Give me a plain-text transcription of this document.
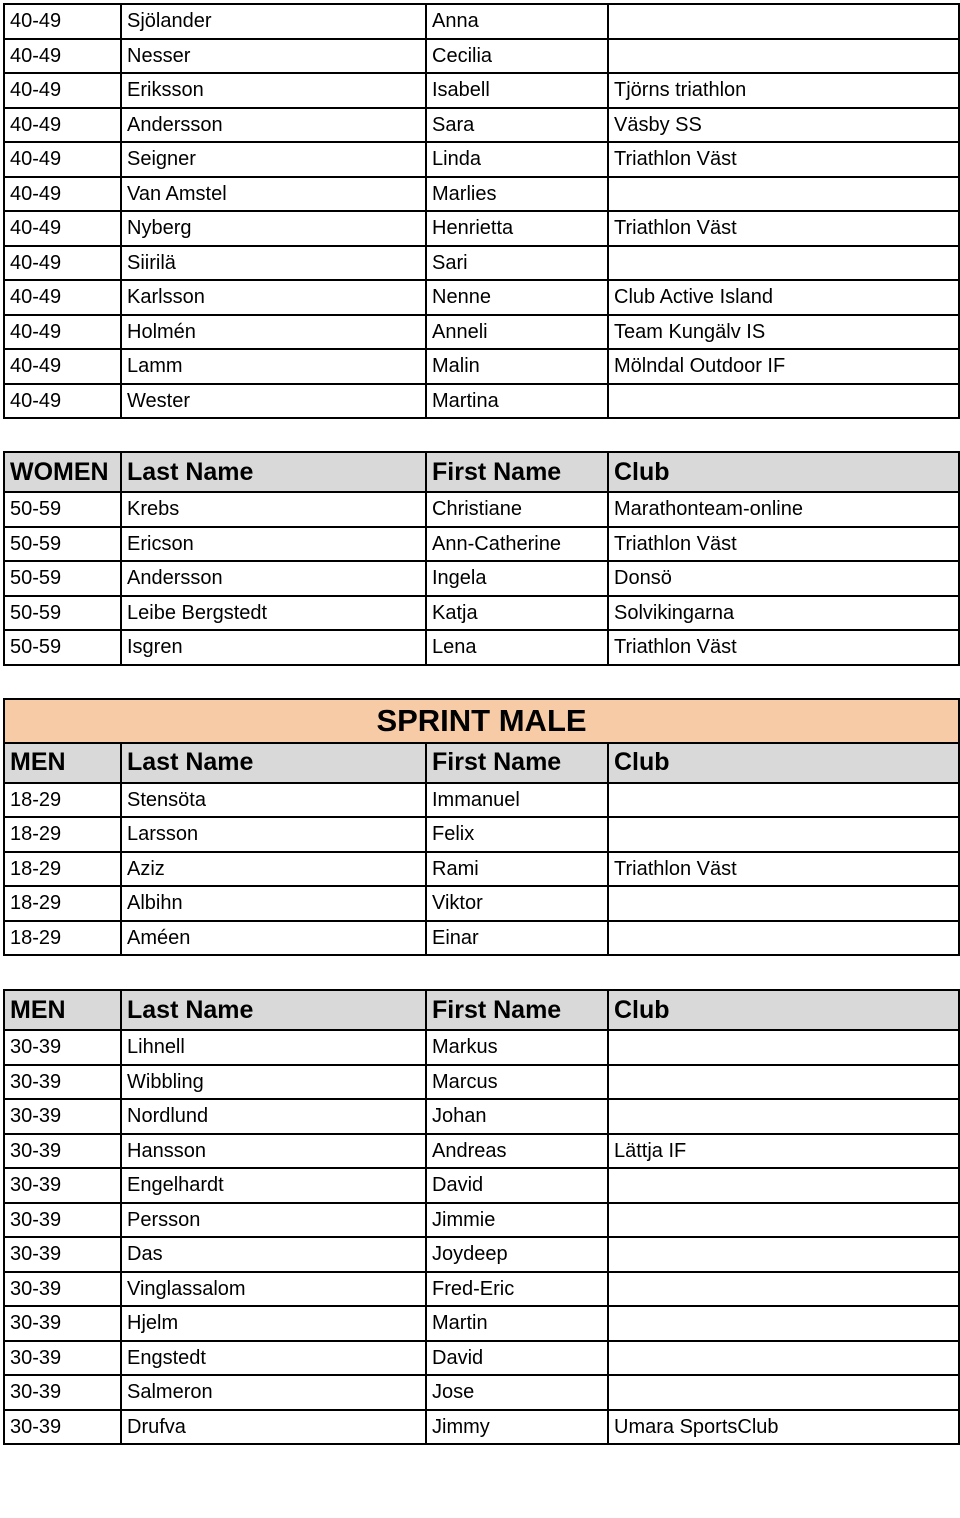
40-49	Sjölander	Anna	
40-49	Nesser	Cecilia	
40-49	Eriksson	Isabell	Tjörns triathlon
40-49	Andersson	Sara	Väsby SS
40-49	Seigner	Linda	Triathlon Väst
40-49	Van Amstel	Marlies	
40-49	Nyberg	Henrietta	Triathlon Väst
40-49	Siirilä	Sari	
40-49	Karlsson	Nenne	Club Active Island
40-49	Holmén	Anneli	Team Kungälv IS
40-49	Lamm	Malin	Mölndal Outdoor IF
40-49	Wester	Martina	
WOMEN	Last Name	First Name	Club
50-59	Krebs	Christiane	Marathonteam-online
50-59	Ericson	Ann-Catherine	Triathlon Väst
50-59	Andersson	Ingela	Donsö
50-59	Leibe Bergstedt	Katja	Solvikingarna
50-59	Isgren	Lena	Triathlon Väst
SPRINT MALE			
MEN	Last Name	First Name	Club
18-29	Stensöta	Immanuel	
18-29	Larsson	Felix	
18-29	Aziz	Rami	Triathlon Väst
18-29	Albihn	Viktor	
18-29	Améen	Einar	
MEN	Last Name	First Name	Club
30-39	Lihnell	Markus	
30-39	Wibbling	Marcus	
30-39	Nordlund	Johan	
30-39	Hansson	Andreas	Lättja IF
30-39	Engelhardt	David	
30-39	Persson	Jimmie	
30-39	Das	Joydeep	
30-39	Vinglassalom	Fred-Eric	
30-39	Hjelm	Martin	
30-39	Engstedt	David	
30-39	Salmeron	Jose	
30-39	Drufva	Jimmy	Umara SportsClub
